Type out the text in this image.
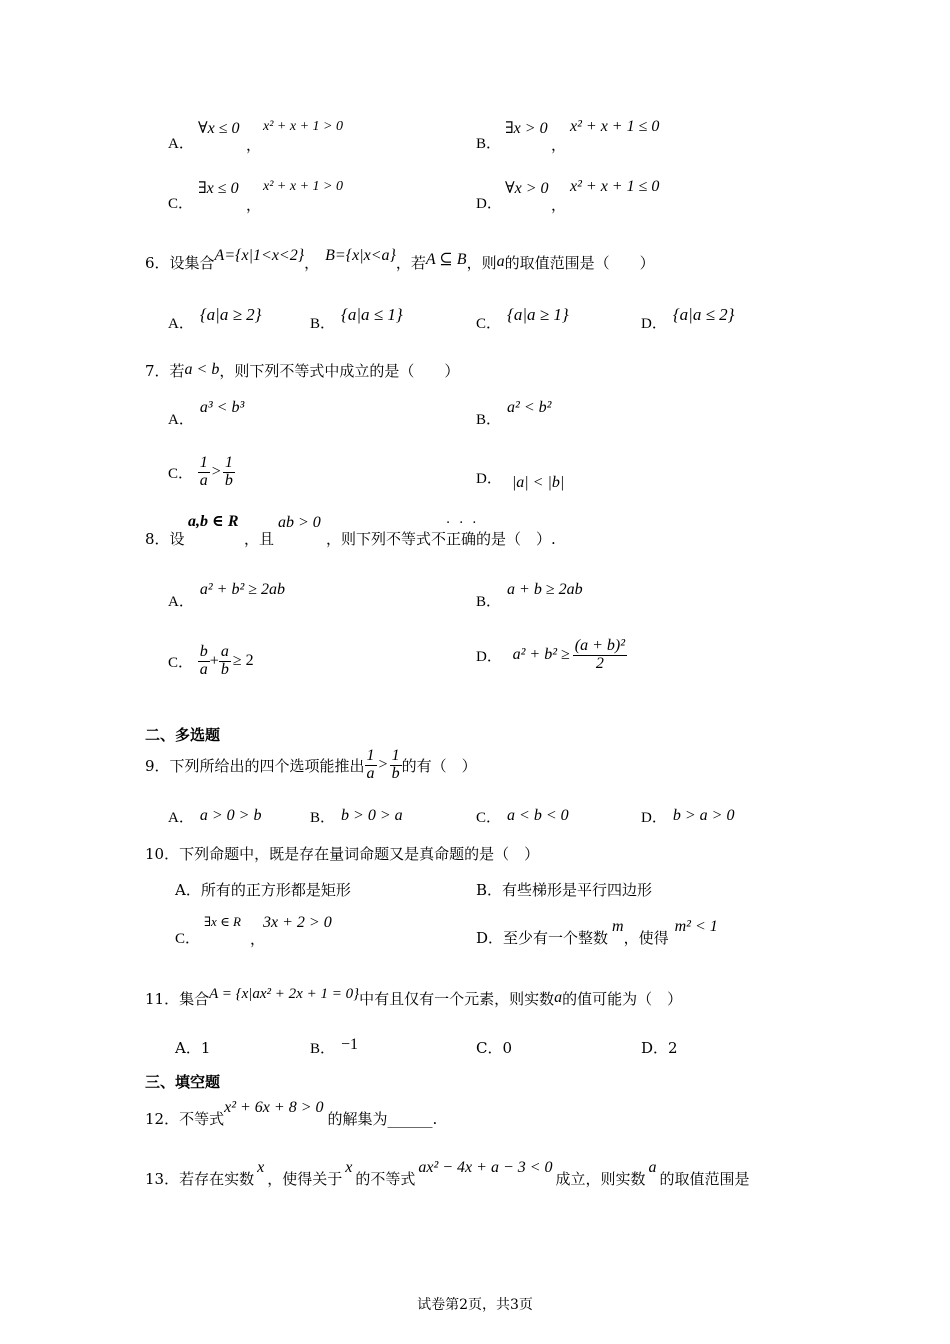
A．
∀x ≤ 0
，
x² + x + 1 > 0
B．
∃x > 0
，
x² + x + 1 ≤ 0
C．
∃x ≤ 0
，
x² + x + 1 > 0
D．
∀x > 0
，
x² + x + 1 ≤ 0
6．设集合A={x|1<x<2}， B={x|x<a}，若A ⊆ B，则a的取值范围是（　　）
A． {a|a ≥ 2}	B． {a|a ≤ 1}	C． {a|a ≥ 1}	D． {a|a ≤ 2}
7．若a < b，则下列不等式中成立的是（　　）
A．a³ < b³
B．a² < b²
C． $\frac{1}{a} > \frac{1}{b}$	D． |a| < |b|
8．设
a,b ∈ R
，且
ab > 0
，则下列不等式不正确的是（　）.
...
A．a² + b² ≥ 2ab
B．a + b ≥ 2ab
C． $\frac{b}{a} + \frac{a}{b} \ge 2$	D． $a^2 + b^2 \ge \frac{\text{(a + b)²}}{2}$
二、多选题
9．下列所给出的四个选项能推出 $\frac{1}{a} > \frac{1}{b}$ 的有（　）
A． a > 0 > b	B． b > 0 > a	C． a < b < 0	D． b > a > 0
10．下列命题中，既是存在量词命题又是真命题的是（　）
A．所有的正方形都是矩形	B．有些梯形是平行四边形
C．
∃x ∈ R
，
3x + 2 > 0
D．至少有一个整数m，使得m² < 1
11．集合A = {x|ax² + 2x + 1 = 0}中有且仅有一个元素，则实数a的值可能为（　）
A．1	B． −1	C．0	D．2
三、填空题
12．不等式x² + 6x + 8 > 0的解集为______.
13．若存在实数x，使得关于x的不等式ax² − 4x + a − 3 < 0成立，则实数a的取值范围是
试卷第2页，共3页
